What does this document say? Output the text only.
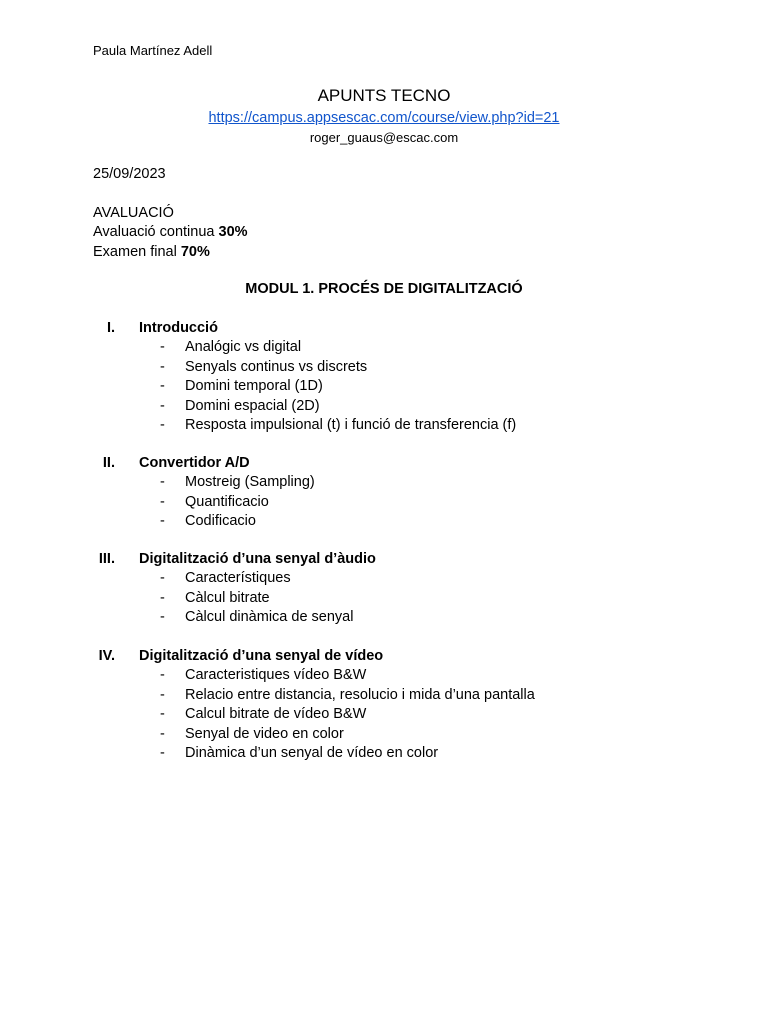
Paula Martínez Adell
APUNTS TECNO
https://campus.appsescac.com/course/view.php?id=21
roger_guaus@escac.com
25/09/2023
AVALUACIÓ
Avaluació continua 30%
Examen final 70%
MODUL 1. PROCÉS DE DIGITALITZACIÓ
I. Introducció
- Analógic vs digital
- Senyals continus vs discrets
- Domini temporal (1D)
- Domini espacial (2D)
- Resposta impulsional (t) i funció de transferencia (f)
II. Convertidor A/D
- Mostreig (Sampling)
- Quantificacio
- Codificacio
III. Digitalització d’una senyal d’àudio
- Característiques
- Càlcul bitrate
- Càlcul dinàmica de senyal
IV. Digitalització d’una senyal de vídeo
- Caracteristiques vídeo B&W
- Relacio entre distancia, resolucio i mida d’una pantalla
- Calcul bitrate de vídeo B&W
- Senyal de video en color
- Dinàmica d’un senyal de vídeo en color
